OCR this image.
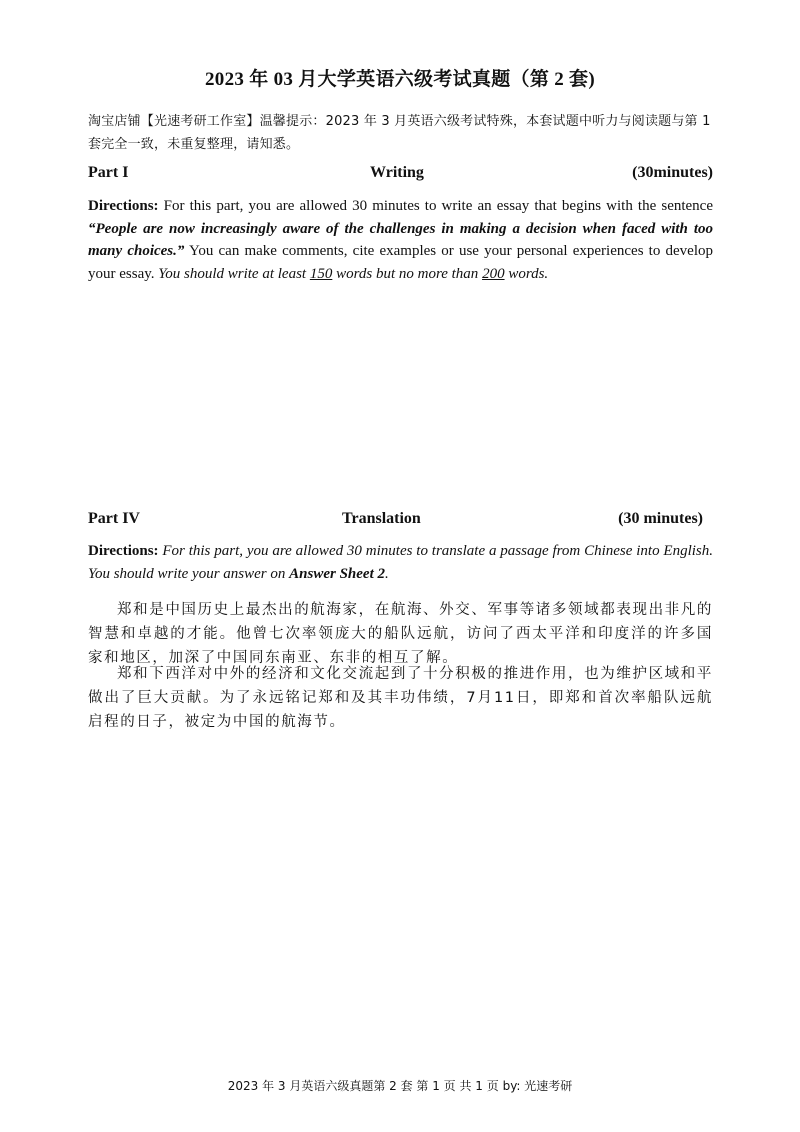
2023 年 03 月大学英语六级考试真题（第 2 套)
淘宝店铺【光速考研工作室】温馨提示：2023 年 3 月英语六级考试特殊，本套试题中听力与阅读题与第 1 套完全一致，未重复整理，请知悉。
Part I	Writing	(30minutes)
Directions: For this part, you are allowed 30 minutes to write an essay that begins with the sentence “People are now increasingly aware of the challenges in making a decision when faced with too many choices.” You can make comments, cite examples or use your personal experiences to develop your essay. You should write at least 150 words but no more than 200 words.
Part IV	Translation	(30 minutes)
Directions: For this part, you are allowed 30 minutes to translate a passage from Chinese into English. You should write your answer on Answer Sheet 2.
郑和是中国历史上最杰出的航海家，在航海、外交、军事等诸多领域都表现出非凡的智慧和卓越的才能。他曾七次率领庞大的船队远航，访问了西太平洋和印度洋的许多国家和地区，加深了中国同东南亚、东非的相互了解。
郑和下西洋对中外的经济和文化交流起到了十分积极的推进作用，也为维护区域和平做出了巨大贡献。为了永远铭记郑和及其丰功伟绩，7月11日，即郑和首次率船队远航启程的日子，被定为中国的航海节。
2023 年 3 月英语六级真题第 2 套 第 1 页 共 1 页 by: 光速考研
